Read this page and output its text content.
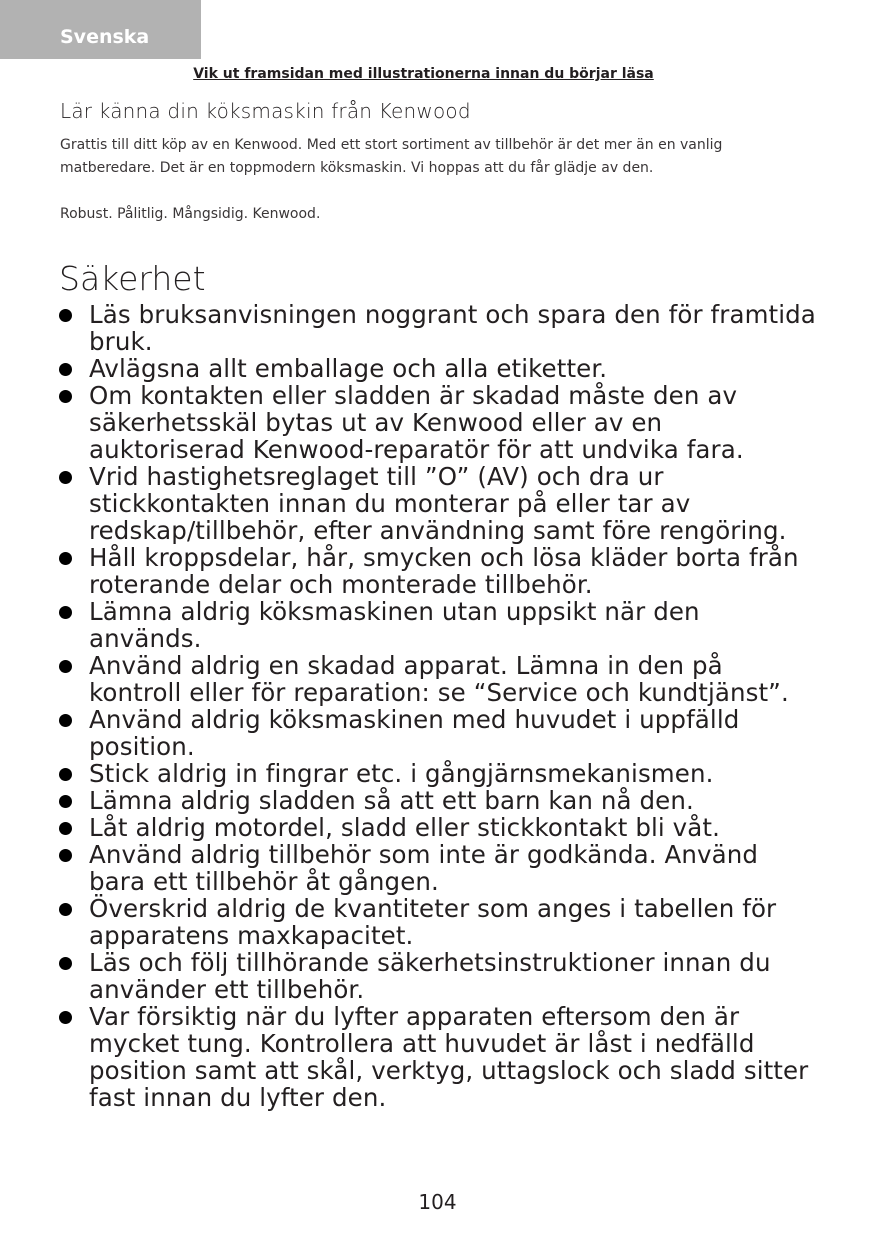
Svenska
Vik ut framsidan med illustrationerna innan du börjar läsa
Lär känna din köksmaskin från Kenwood

Grattis till ditt köp av en Kenwood. Med ett stort sortiment av tillbehör är det mer än en vanlig matberedare. Det är en toppmodern köksmaskin. Vi hoppas att du får glädje av den.

Robust. Pålitlig. Mångsidig. Kenwood.

Säkerhet
Läs bruksanvisningen noggrant och spara den för framtida bruk.
Avlägsna allt emballage och alla etiketter.
Om kontakten eller sladden är skadad måste den av säkerhetsskäl bytas ut av Kenwood eller av en auktoriserad Kenwood-reparatör för att undvika fara.
Vrid hastighetsreglaget till ”O” (AV) och dra ur stickkontakten innan du monterar på eller tar av redskap/tillbehör, efter användning samt före rengöring.
Håll kroppsdelar, hår, smycken och lösa kläder borta från roterande delar och monterade tillbehör.
Lämna aldrig köksmaskinen utan uppsikt när den används.
Använd aldrig en skadad apparat. Lämna in den på kontroll eller för reparation: se “Service och kundtjänst”.
Använd aldrig köksmaskinen med huvudet i uppfälld position.
Stick aldrig in fingrar etc. i gångjärnsmekanismen.
Lämna aldrig sladden så att ett barn kan nå den.
Låt aldrig motordel, sladd eller stickkontakt bli våt.
Använd aldrig tillbehör som inte är godkända. Använd bara ett tillbehör åt gången.
Överskrid aldrig de kvantiteter som anges i tabellen för apparatens maxkapacitet.
Läs och följ tillhörande säkerhetsinstruktioner innan du använder ett tillbehör.
Var försiktig när du lyfter apparaten eftersom den är mycket tung. Kontrollera att huvudet är låst i nedfälld position samt att skål, verktyg, uttagslock och sladd sitter fast innan du lyfter den.
104
